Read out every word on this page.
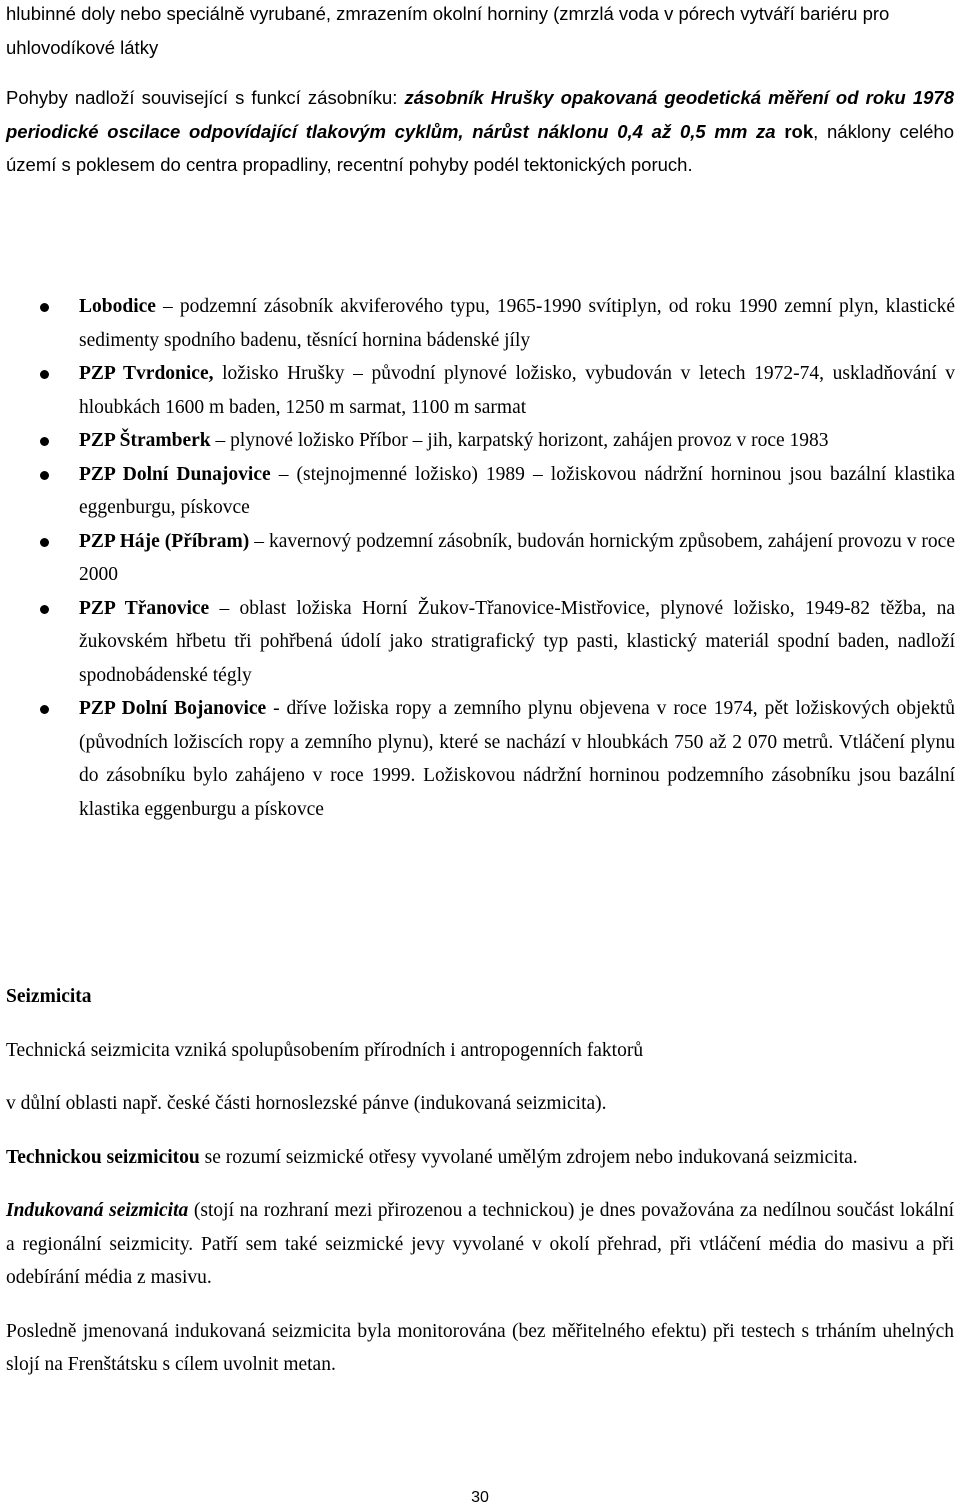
hlubinné doly nebo speciálně vyrubané, zmrazením okolní horniny (zmrzlá voda v pórech vytváří bariéru pro uhlovodíkové látky

Pohyby nadloží související s funkcí zásobníku: zásobník Hrušky opakovaná geodetická měření od roku 1978 periodické oscilace odpovídající tlakovým cyklům, nárůst náklonu 0,4 až 0,5 mm za rok, náklony celého území s poklesem do centra propadliny, recentní pohyby podél tektonických poruch.

Lobodice – podzemní zásobník akviferového typu, 1965-1990 svítiplyn, od roku 1990 zemní plyn, klastické sedimenty spodního badenu, těsnící hornina bádenské jíly
PZP Tvrdonice, ložisko Hrušky – původní plynové ložisko, vybudován v letech 1972-74, uskladňování v hloubkách 1600 m baden, 1250 m sarmat, 1100 m sarmat
PZP Štramberk – plynové ložisko Příbor – jih, karpatský horizont, zahájen provoz v roce 1983
PZP Dolní Dunajovice – (stejnojmenné ložisko) 1989 – ložiskovou nádržní horninou jsou bazální klastika eggenburgu, pískovce
PZP Háje (Příbram) – kavernový podzemní zásobník, budován hornickým způsobem, zahájení provozu v roce 2000
PZP Třanovice – oblast ložiska Horní Žukov-Třanovice-Mistřovice, plynové ložisko, 1949-82 těžba, na žukovském hřbetu tři pohřbená údolí jako stratigrafický typ pasti, klastický materiál spodní baden, nadloží spodnobádenské tégly
PZP Dolní Bojanovice - dříve ložiska ropy a zemního plynu objevena v roce 1974, pět ložiskových objektů (původních ložiscích ropy a zemního plynu), které se nachází v hloubkách 750 až 2 070 metrů. Vtláčení plynu do zásobníku bylo zahájeno v roce 1999. Ložiskovou nádržní horninou podzemního zásobníku jsou bazální klastika eggenburgu a pískovce
Seizmicita

Technická seizmicita vzniká spolupůsobením přírodních i antropogenních faktorů

v důlní oblasti např. české části hornoslezské pánve (indukovaná seizmicita).

Technickou seizmicitou se rozumí seizmické otřesy vyvolané umělým zdrojem nebo indukovaná seizmicita.

Indukovaná seizmicita (stojí na rozhraní mezi přirozenou a technickou) je dnes považována za nedílnou součást lokální a regionální seizmicity. Patří sem také seizmické jevy vyvolané v okolí přehrad, při vtláčení média do masivu a při odebírání média z masivu.

Posledně jmenovaná indukovaná seizmicita byla monitorována (bez měřitelného efektu) při testech s trháním uhelných slojí na Frenštátsku s cílem uvolnit metan.

30
